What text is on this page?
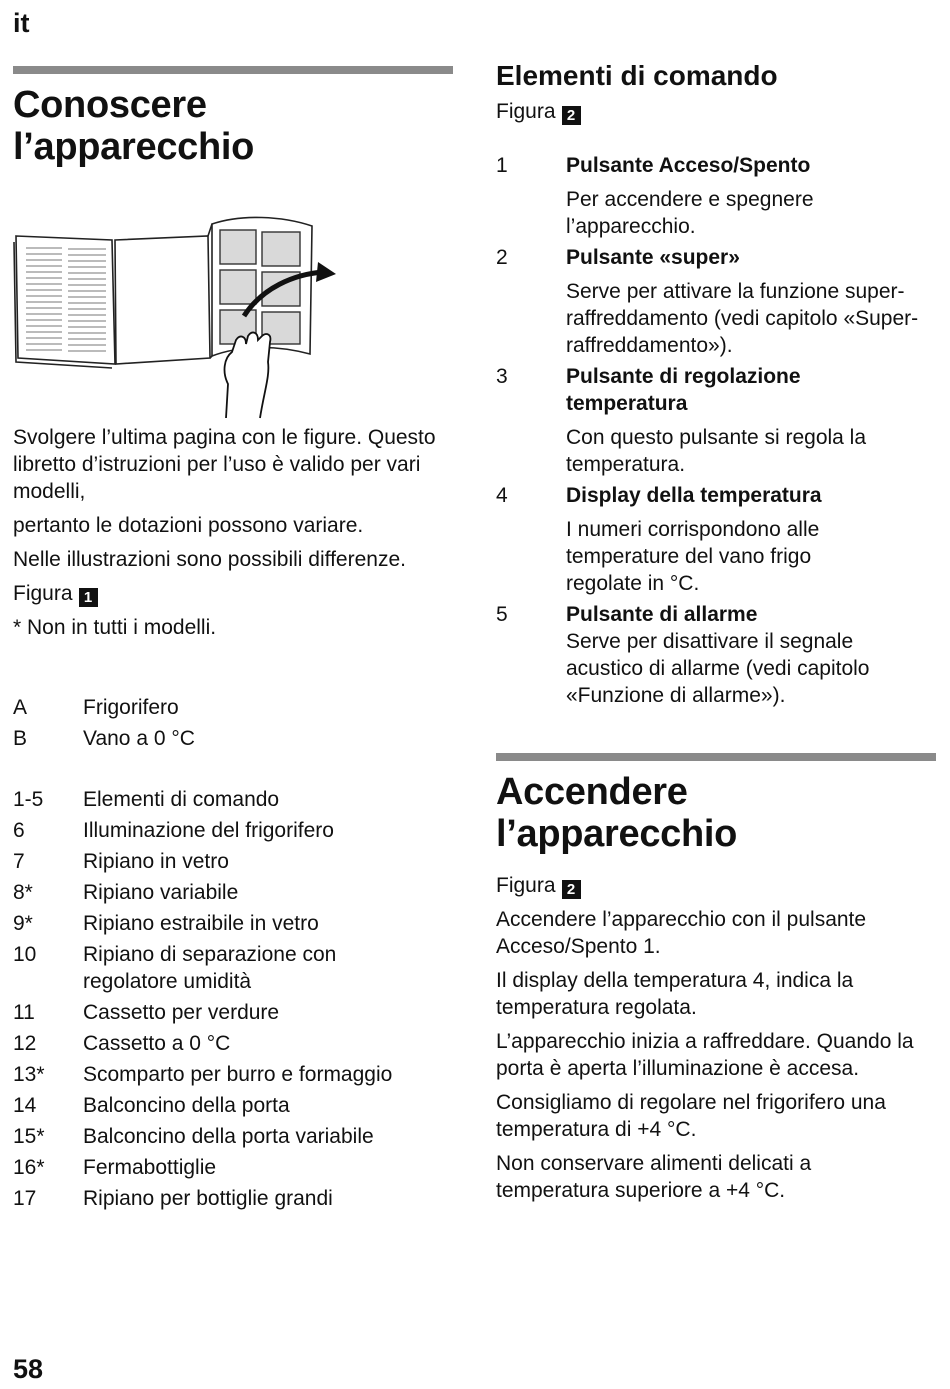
it
Conoscere
l’apparecchio

Svolgere l’ultima pagina con le figure. Questo libretto d’istruzioni per l’uso è valido per vari modelli,

pertanto le dotazioni possono variare.

Nelle illustrazioni sono possibili differenze.

Figura 1

* Non in tutti i modelli.

A	Frigorifero
B	Vano a 0 °C
1-5	Elementi di comando
6	Illuminazione del frigorifero
7	Ripiano in vetro
8*	Ripiano variabile
9*	Ripiano estraibile in vetro
10	Ripiano di separazione con regolatore umidità
11	Cassetto per verdure
12	Cassetto a 0 °C
13*	Scomparto per burro e formaggio
14	Balconcino della porta
15*	Balconcino della porta variabile
16*	Fermabottiglie
17	Ripiano per bottiglie grandi
Elementi di comando

Figura 2

1	Pulsante Acceso/Spento
Per accendere e spegnere l’apparecchio.
2	Pulsante «super»
Serve per attivare la funzione super-raffreddamento (vedi capitolo «Super-raffreddamento»).
3	Pulsante di regolazione temperatura
Con questo pulsante si regola la temperatura.
4	Display della temperatura
I numeri corrispondono alle temperature del vano frigo regolate in °C.
5	Pulsante di allarme
Serve per disattivare il segnale acustico di allarme (vedi capitolo «Funzione di allarme»).
Accendere
l’apparecchio

Figura 2

Accendere l’apparecchio con il pulsante Acceso/Spento 1.

Il display della temperatura 4, indica la temperatura regolata.

L’apparecchio inizia a raffreddare. Quando la porta è aperta l’illuminazione è accesa.

Consigliamo di regolare nel frigorifero una temperatura di +4 °C.

Non conservare alimenti delicati a temperatura superiore a +4 °C.

58
